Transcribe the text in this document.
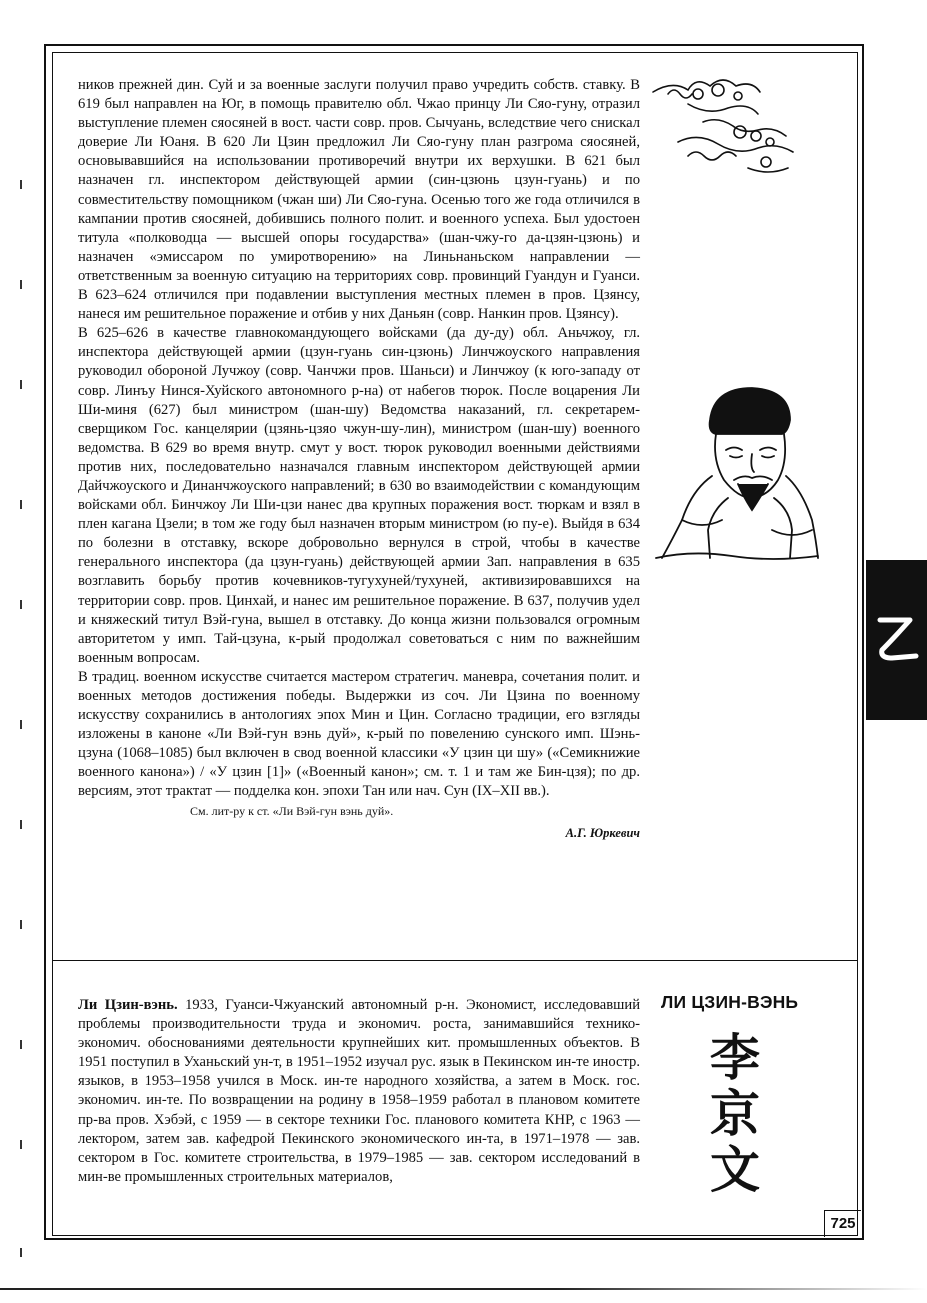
ников прежней дин. Суй и за военные заслуги получил право учредить собств. ставку. В 619 был направлен на Юг, в помощь правителю обл. Чжао принцу Ли Сяо-гуну, отразил выступление племен сяосяней в вост. части совр. пров. Сычуань, вследствие чего снискал доверие Ли Юаня. В 620 Ли Цзин предложил Ли Сяо-гуну план разгрома сяосяней, основывавшийся на использовании противоречий внутри их верхушки. В 621 был назначен гл. инспектором действующей армии (син-цзюнь цзун-гуань) и по совместительству помощником (чжан ши) Ли Сяо-гуна. Осенью того же года отличился в кампании против сяосяней, добившись полного полит. и военного успеха. Был удостоен титула «полководца — высшей опоры государства» (шан-чжу-го да-цзян-цзюнь) и назначен «эмиссаром по умиротворению» на Линьнаньском направлении — ответственным за военную ситуацию на территориях совр. провинций Гуандун и Гуанси. В 623–624 отличился при подавлении выступления местных племен в пров. Цзянсу, нанеся им решительное поражение и отбив у них Даньян (совр. Нанкин пров. Цзянсу).

В 625–626 в качестве главнокомандующего войсками (да ду-ду) обл. Аньчжоу, гл. инспектора действующей армии (цзун-гуань син-цзюнь) Линчжоуского направления руководил обороной Лучжоу (совр. Чанчжи пров. Шаньси) и Линчжоу (к юго-западу от совр. Линъу Нинся-Хуйского автономного р-на) от набегов тюрок. После воцарения Ли Ши-миня (627) был министром (шан-шу) Ведомства наказаний, гл. секретарем-сверщиком Гос. канцелярии (цзянь-цзяо чжун-шу-лин), министром (шан-шу) военного ведомства. В 629 во время внутр. смут у вост. тюрок руководил военными действиями против них, последовательно назначался главным инспектором действующей армии Дайчжоуского и Динанчжоуского направлений; в 630 во взаимодействии с командующим войсками обл. Бинчжоу Ли Ши-цзи нанес два крупных поражения вост. тюркам и взял в плен кагана Цзели; в том же году был назначен вторым министром (ю пу-е). Выйдя в 634 по болезни в отставку, вскоре добровольно вернулся в строй, чтобы в качестве генерального инспектора (да цзун-гуань) действующей армии Зап. направления в 635 возглавить борьбу против кочевников-тугухуней/тухуней, активизировавшихся на территории совр. пров. Цинхай, и нанес им решительное поражение. В 637, получив удел и княжеский титул Вэй-гуна, вышел в отставку. До конца жизни пользовался огромным авторитетом у имп. Тай-цзуна, к-рый продолжал советоваться с ним по важнейшим военным вопросам.

В традиц. военном искусстве считается мастером стратегич. маневра, сочетания полит. и военных методов достижения победы. Выдержки из соч. Ли Цзина по военному искусству сохранились в антологиях эпох Мин и Цин. Согласно традиции, его взгляды изложены в каноне «Ли Вэй-гун вэнь дуй», к-рый по повелению сунского имп. Шэнь-цзуна (1068–1085) был включен в свод военной классики «У цзин ци шу» («Семикнижие военного канона») / «У цзин [1]» («Военный канон»; см. т. 1 и там же Бин-цзя); по др. версиям, этот трактат — подделка кон. эпохи Тан или нач. Сун (IX–XII вв.).

См. лит-ру к ст. «Ли Вэй-гун вэнь дуй».

А.Г. Юркевич

Ли Цзин-вэнь. 1933, Гуанси-Чжуанский автономный р-н. Экономист, исследовавший проблемы производительности труда и экономич. роста, занимавшийся технико-экономич. обоснованиями деятельности крупнейших кит. промышленных объектов. В 1951 поступил в Уханьский ун-т, в 1951–1952 изучал рус. язык в Пекинском ин-те иностр. языков, в 1953–1958 учился в Моск. ин-те народного хозяйства, а затем в Моск. гос. экономич. ин-те. По возвращении на родину в 1958–1959 работал в плановом комитете пр-ва пров. Хэбэй, с 1959 — в секторе техники Гос. планового комитета КНР, с 1963 — лектором, затем зав. кафедрой Пекинского экономического ин-та, в 1971–1978 — зав. сектором в Гос. комитете строительства, в 1979–1985 — зав. сектором исследований в мин-ве промышленных строительных материалов,

ЛИ ЦЗИН-ВЭНЬ
李
京
文
725
